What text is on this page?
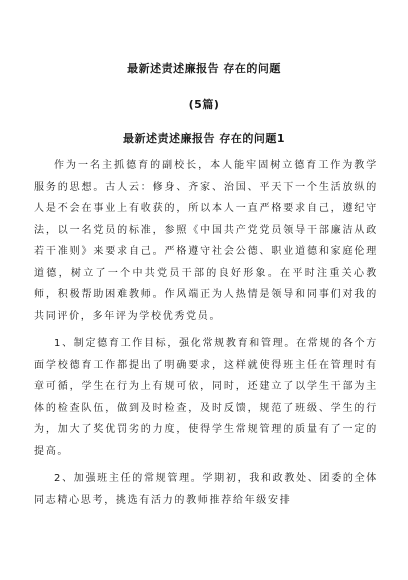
最新述责述廉报告 存在的问题
(5篇)
最新述责述廉报告 存在的问题1

作为一名主抓德育的副校长，本人能牢固树立德育工作为教学服务的思想。古人云：修身、齐家、治国、平天下一个生活放纵的人是不会在事业上有收获的，所以本人一直严格要求自己，遵纪守法，以一名党员的标准，参照《中国共产党党员领导干部廉洁从政若干准则》来要求自己。严格遵守社会公德、职业道德和家庭伦理道德，树立了一个中共党员干部的良好形象。在平时注重关心教师，积极帮助困难教师。作风端正为人热情是领导和同事们对我的共同评价，多年评为学校优秀党员。

1、制定德育工作目标，强化常规教育和管理。在常规的各个方面学校德育工作都提出了明确要求，这样就使得班主任在管理时有章可循，学生在行为上有规可依，同时，还建立了以学生干部为主体的检查队伍，做到及时检查，及时反馈，规范了班级、学生的行为，加大了奖优罚劣的力度，使得学生常规管理的质量有了一定的提高。

2、加强班主任的常规管理。学期初，我和政教处、团委的全体同志精心思考，挑选有活力的教师推荐给年级安排
